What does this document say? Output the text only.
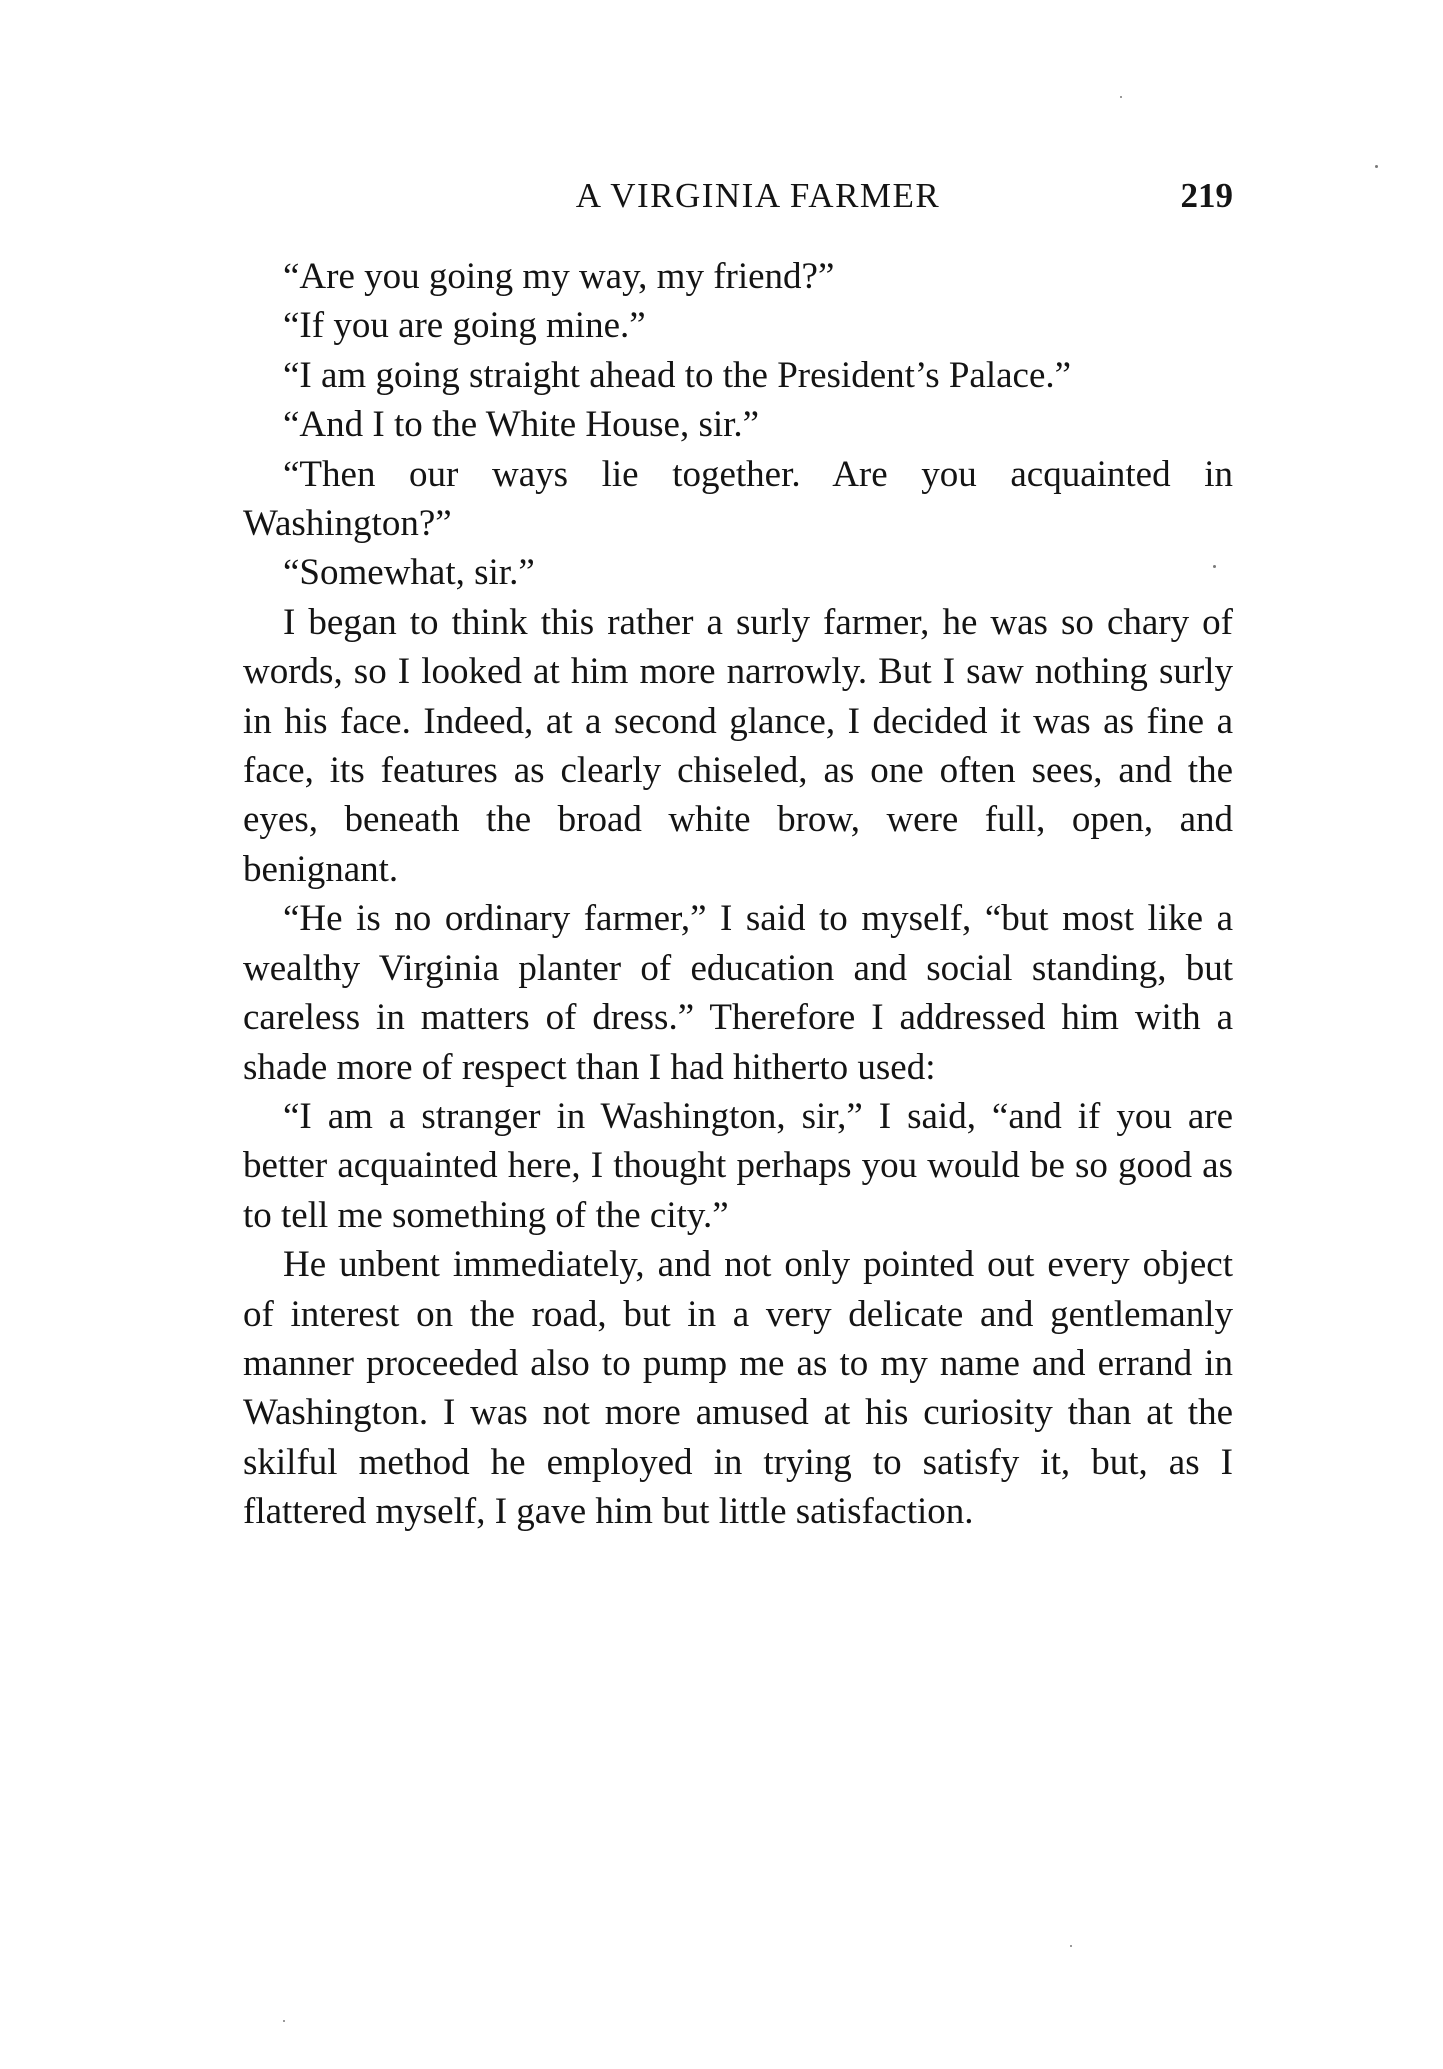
A VIRGINIA FARMER	219

“Are you going my way, my friend?”

“If you are going mine.”

“I am going straight ahead to the President’s Palace.”

“And I to the White House, sir.”

“Then our ways lie together. Are you acquainted in Washington?”

“Somewhat, sir.”

I began to think this rather a surly farmer, he was so chary of words, so I looked at him more narrowly. But I saw nothing surly in his face. Indeed, at a second glance, I decided it was as fine a face, its features as clearly chiseled, as one often sees, and the eyes, beneath the broad white brow, were full, open, and benignant.

“He is no ordinary farmer,” I said to myself, “but most like a wealthy Virginia planter of education and social standing, but careless in matters of dress.” Therefore I addressed him with a shade more of respect than I had hitherto used:

“I am a stranger in Washington, sir,” I said, “and if you are better acquainted here, I thought perhaps you would be so good as to tell me something of the city.”

He unbent immediately, and not only pointed out every object of interest on the road, but in a very delicate and gentlemanly manner proceeded also to pump me as to my name and errand in Washington. I was not more amused at his curiosity than at the skilful method he employed in trying to satisfy it, but, as I flattered myself, I gave him but little satisfaction.
